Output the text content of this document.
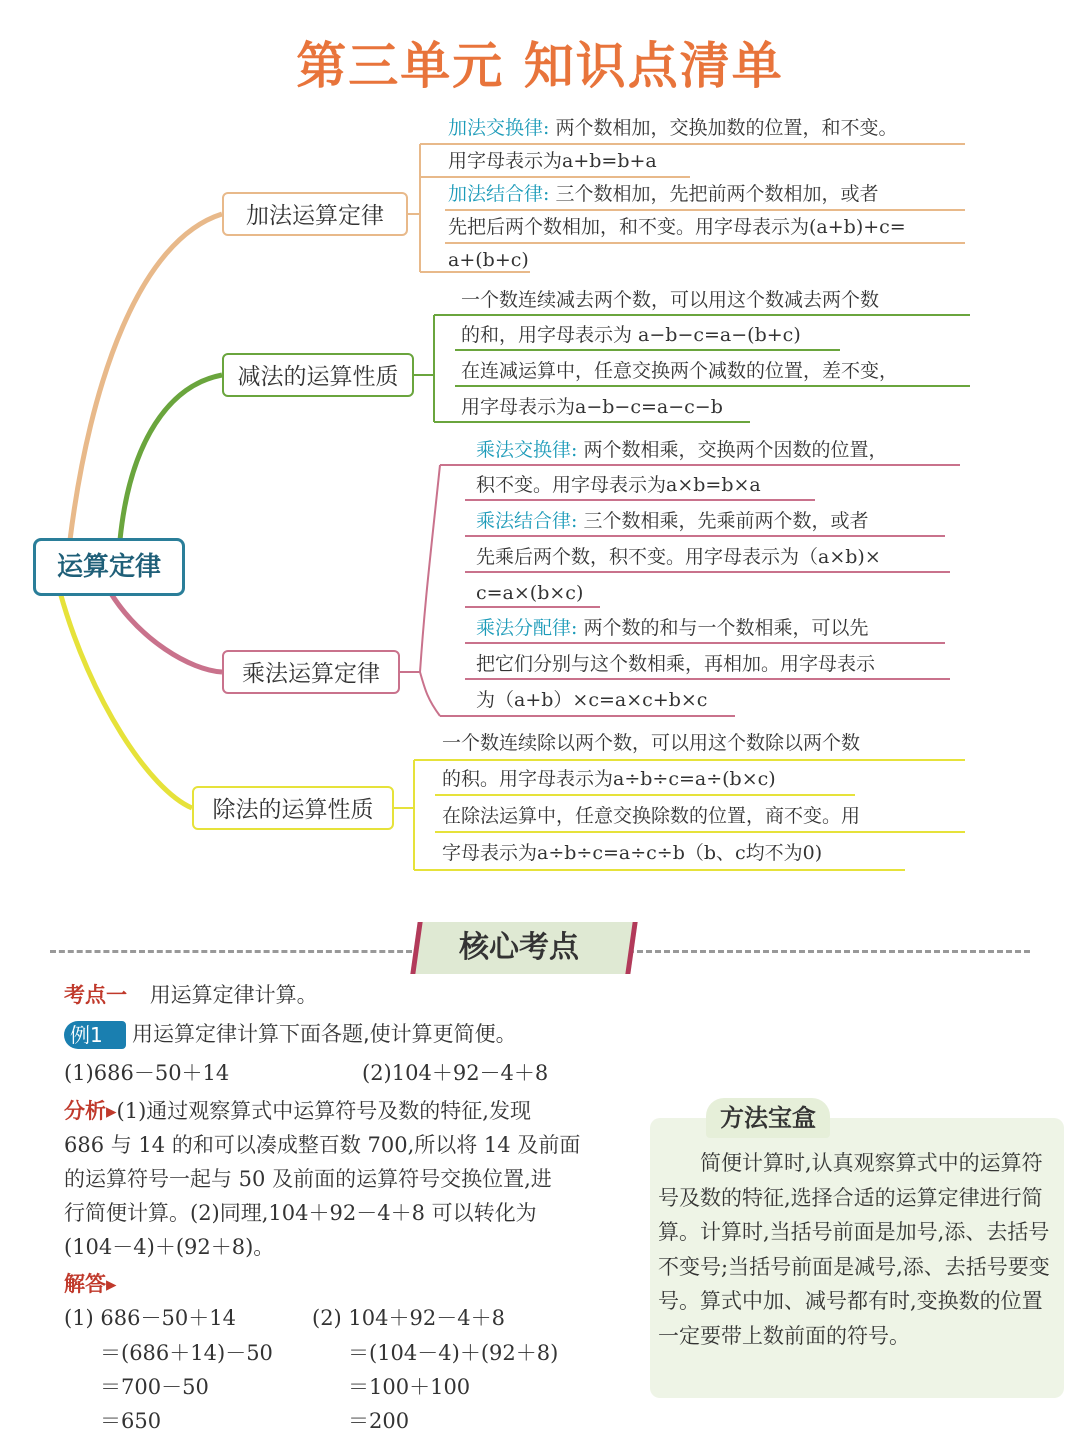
第三单元 知识点清单
运算定律
加法运算定律
减法的运算性质
乘法运算定律
除法的运算性质
加法交换律: 两个数相加，交换加数的位置，和不变。
用字母表示为a+b=b+a
加法结合律: 三个数相加，先把前两个数相加，或者
先把后两个数相加，和不变。用字母表示为(a+b)+c=
a+(b+c)
一个数连续减去两个数，可以用这个数减去两个数
的和，用字母表示为 a−b−c=a−(b+c)
在连减运算中，任意交换两个减数的位置，差不变，
用字母表示为a−b−c=a−c−b
乘法交换律: 两个数相乘，交换两个因数的位置，
积不变。用字母表示为a×b=b×a
乘法结合律: 三个数相乘，先乘前两个数，或者
先乘后两个数，积不变。用字母表示为（a×b)×
c=a×(b×c)
乘法分配律: 两个数的和与一个数相乘，可以先
把它们分别与这个数相乘，再相加。用字母表示
为（a+b）×c=a×c+b×c
一个数连续除以两个数，可以用这个数除以两个数
的积。用字母表示为a÷b÷c=a÷(b×c)
在除法运算中，任意交换除数的位置，商不变。用
字母表示为a÷b÷c=a÷c÷b（b、c均不为0)
核心考点
考点一 用运算定律计算。
例1 用运算定律计算下面各题,使计算更简便。
(1)686－50＋14	(2)104＋92－4＋8
分析▸(1)通过观察算式中运算符号及数的特征,发现
686 与 14 的和可以凑成整百数 700,所以将 14 及前面
的运算符号一起与 50 及前面的运算符号交换位置,进
行简便计算。(2)同理,104＋92－4＋8 可以转化为
(104－4)＋(92＋8)。
解答▸
(1) 686－50＋14
＝(686＋14)－50
＝700－50
＝650
(2) 104＋92－4＋8
＝(104－4)＋(92＋8)
＝100＋100
＝200
方法宝盒
简便计算时,认真观察算式中的运算符号及数的特征,选择合适的运算定律进行简算。计算时,当括号前面是加号,添、去括号不变号;当括号前面是减号,添、去括号要变号。算式中加、减号都有时,变换数的位置一定要带上数前面的符号。
